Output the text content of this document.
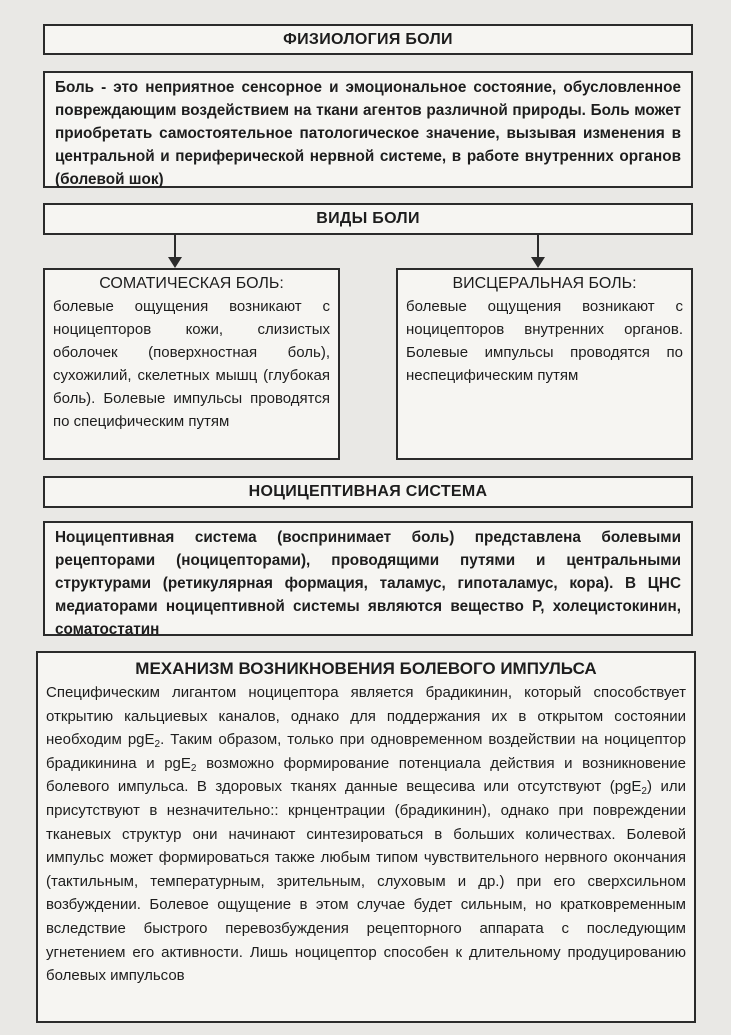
ФИЗИОЛОГИЯ БОЛИ
Боль - это неприятное сенсорное и эмоциональное состояние, обусловленное повреждающим воздействием на ткани агентов различной природы. Боль может приобретать самостоятельное патологическое значение, вызывая изменения в центральной и периферической нервной системе, в работе внутренних органов (болевой шок)
ВИДЫ БОЛИ
СОМАТИЧЕСКАЯ БОЛЬ:
болевые ощущения возникают с ноцицепторов кожи, слизистых оболочек (поверхностная боль), сухожилий, скелетных мышц (глубокая боль). Болевые импульсы проводятся по специфическим путям
ВИСЦЕРАЛЬНАЯ БОЛЬ:
болевые ощущения возникают с ноцицепторов внутренних органов. Болевые импульсы проводятся по неспецифическим путям
НОЦИЦЕПТИВНАЯ СИСТЕМА
Ноцицептивная система (воспринимает боль) представлена болевыми рецепторами (ноцицепторами), проводящими путями и центральными структурами (ретикулярная формация, таламус, гипоталамус, кора). В ЦНС медиаторами ноцицептивной системы являются вещество Р, холецистокинин, соматостатин
МЕХАНИЗМ ВОЗНИКНОВЕНИЯ БОЛЕВОГО ИМПУЛЬСА
Специфическим лигантом ноцицептора является брадикинин, который способствует открытию кальциевых каналов, однако для поддержания их в открытом состоянии необходим pgE$_2$. Таким образом, только при одновременном воздействии на ноцицептор брадикинина и pgE$_2$ возможно формирование потенциала действия и возникновение болевого импульса. В здоровых тканях данные вещесива или отсутствуют (pgE$_2$) или присутствуют в незначительно:: крнцентрации (брадикинин), однако при повреждении тканевых структур они начинают синтезироваться в больших количествах. Болевой импульс может формироваться также любым типом чувствительного нервного окончания (тактильным, температурным, зрительным, слуховым и др.) при его сверхсильном возбуждении. Болевое ощущение в этом случае будет сильным, но кратковременным вследствие быстрого перевозбуждения рецепторного аппарата с последующим угнетением его активности. Лишь ноцицептор способен к длительному продуцированию болевых импульсов
